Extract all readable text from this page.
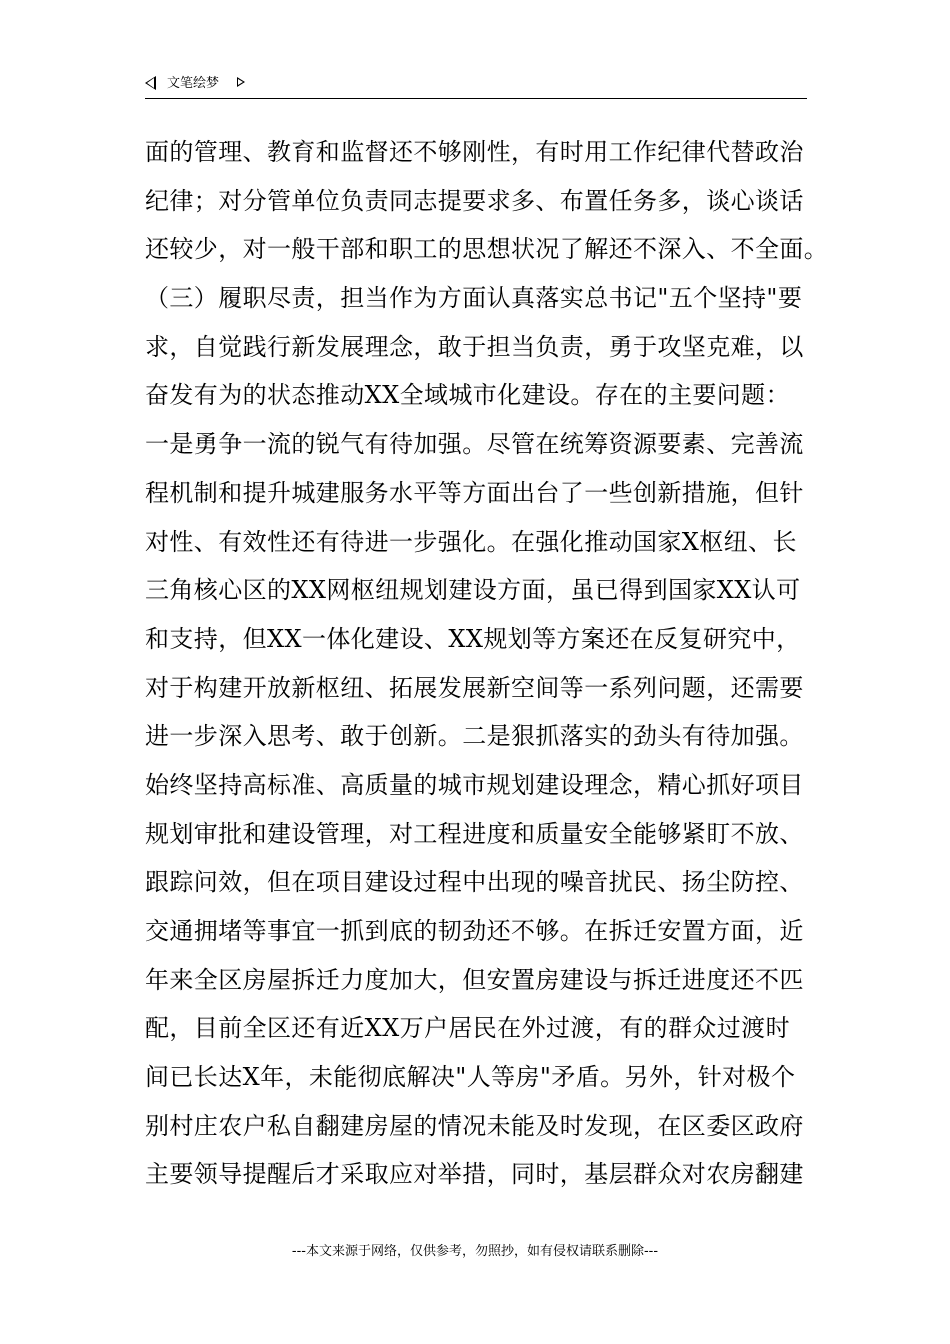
文笔绘梦
面的管理、教育和监督还不够刚性，有时用工作纪律代替政治
纪律；对分管单位负责同志提要求多、布置任务多，谈心谈话
还较少，对一般干部和职工的思想状况了解还不深入、不全面。
（三）履职尽责，担当作为方面认真落实总书记"五个坚持"要
求，自觉践行新发展理念，敢于担当负责，勇于攻坚克难，以
奋发有为的状态推动XX全域城市化建设。存在的主要问题：
一是勇争一流的锐气有待加强。尽管在统筹资源要素、完善流
程机制和提升城建服务水平等方面出台了一些创新措施，但针
对性、有效性还有待进一步强化。在强化推动国家X枢纽、长
三角核心区的XX网枢纽规划建设方面，虽已得到国家XX认可
和支持，但XX一体化建设、XX规划等方案还在反复研究中，
对于构建开放新枢纽、拓展发展新空间等一系列问题，还需要
进一步深入思考、敢于创新。二是狠抓落实的劲头有待加强。
始终坚持高标准、高质量的城市规划建设理念，精心抓好项目
规划审批和建设管理，对工程进度和质量安全能够紧盯不放、
跟踪问效，但在项目建设过程中出现的噪音扰民、扬尘防控、
交通拥堵等事宜一抓到底的韧劲还不够。在拆迁安置方面，近
年来全区房屋拆迁力度加大，但安置房建设与拆迁进度还不匹
配，目前全区还有近XX万户居民在外过渡，有的群众过渡时
间已长达X年，未能彻底解决"人等房"矛盾。另外，针对极个
别村庄农户私自翻建房屋的情况未能及时发现，在区委区政府
主要领导提醒后才采取应对举措，同时，基层群众对农房翻建
---本文来源于网络，仅供参考，勿照抄，如有侵权请联系删除---
